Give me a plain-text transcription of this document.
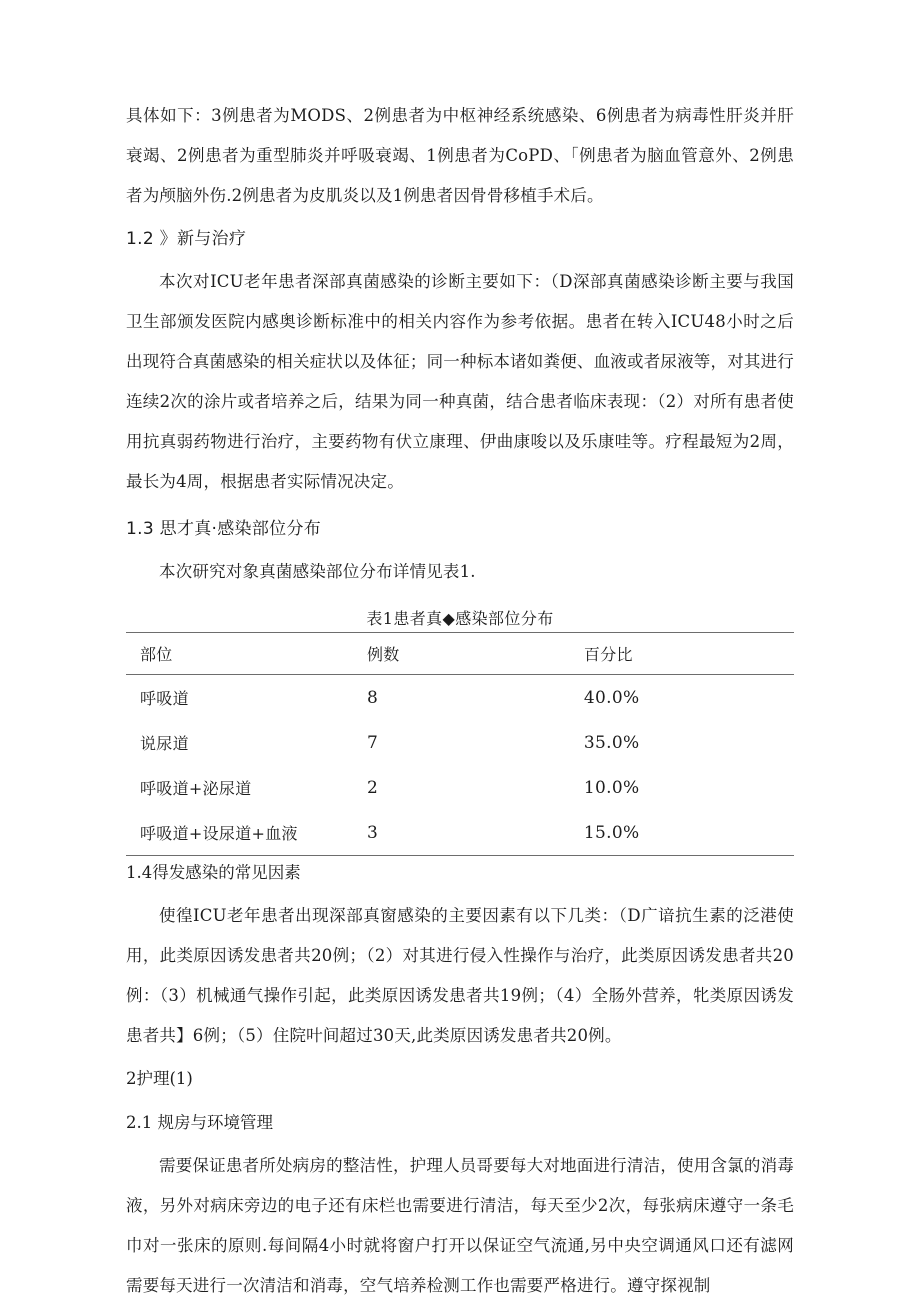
具体如下：3例患者为MODS、2例患者为中枢神经系统感染、6例患者为病毒性肝炎并肝衰竭、2例患者为重型肺炎并呼吸衰竭、1例患者为CoPD、「例患者为脑血管意外、2例患者为颅脑外伤.2例患者为皮肌炎以及1例患者因骨骨移植手术后。

1.2 》新与治疗

本次对ICU老年患者深部真菌感染的诊断主要如下：（D深部真菌感染诊断主要与我国卫生部颁发医院内感奥诊断标准中的相关内容作为参考依据。患者在转入ICU48小时之后出现符合真菌感染的相关症状以及体征；同一种标本诸如粪便、血液或者尿液等，对其进行连续2次的涂片或者培养之后，结果为同一种真菌，结合患者临床表现：（2）对所有患者使用抗真弱药物进行治疗，主要药物有伏立康理、伊曲康唆以及乐康哇等。疗程最短为2周，最长为4周，根据患者实际情况决定。

1.3 思才真·感染部位分布

本次研究对象真菌感染部位分布详情见表1.

表1患者真◆感染部位分布
部位	例数	百分比
呼吸道	8	40.0%
说尿道	7	35.0%
呼吸道+泌尿道	2	10.0%
呼吸道+设尿道+血液	3	15.0%
1.4得发感染的常见因素

使徨ICU老年患者出现深部真窗感染的主要因素有以下几类：（D广谙抗生素的泛港使用，此类原因诱发患者共20例；（2）对其进行侵入性操作与治疗，此类原因诱发患者共20例：（3）机械通气操作引起，此类原因诱发患者共19例；（4）全肠外营养，牝类原因诱发患者共】6例；（5）住院叶间超过30天,此类原因诱发患者共20例。

2护理(1)
2.1 规房与环境管理

需要保证患者所处病房的整洁性，护理人员哥要每大对地面进行清洁，使用含氯的消毒液，另外对病床旁边的电子还有床栏也需要进行清洁，每天至少2次，每张病床遵守一条毛巾对一张床的原则.每间隔4小时就将窗户打开以保证空气流通,另中央空调通风口还有滤网需要每天进行一次清洁和消毒，空气培养检测工作也需要严格进行。遵守探视制
